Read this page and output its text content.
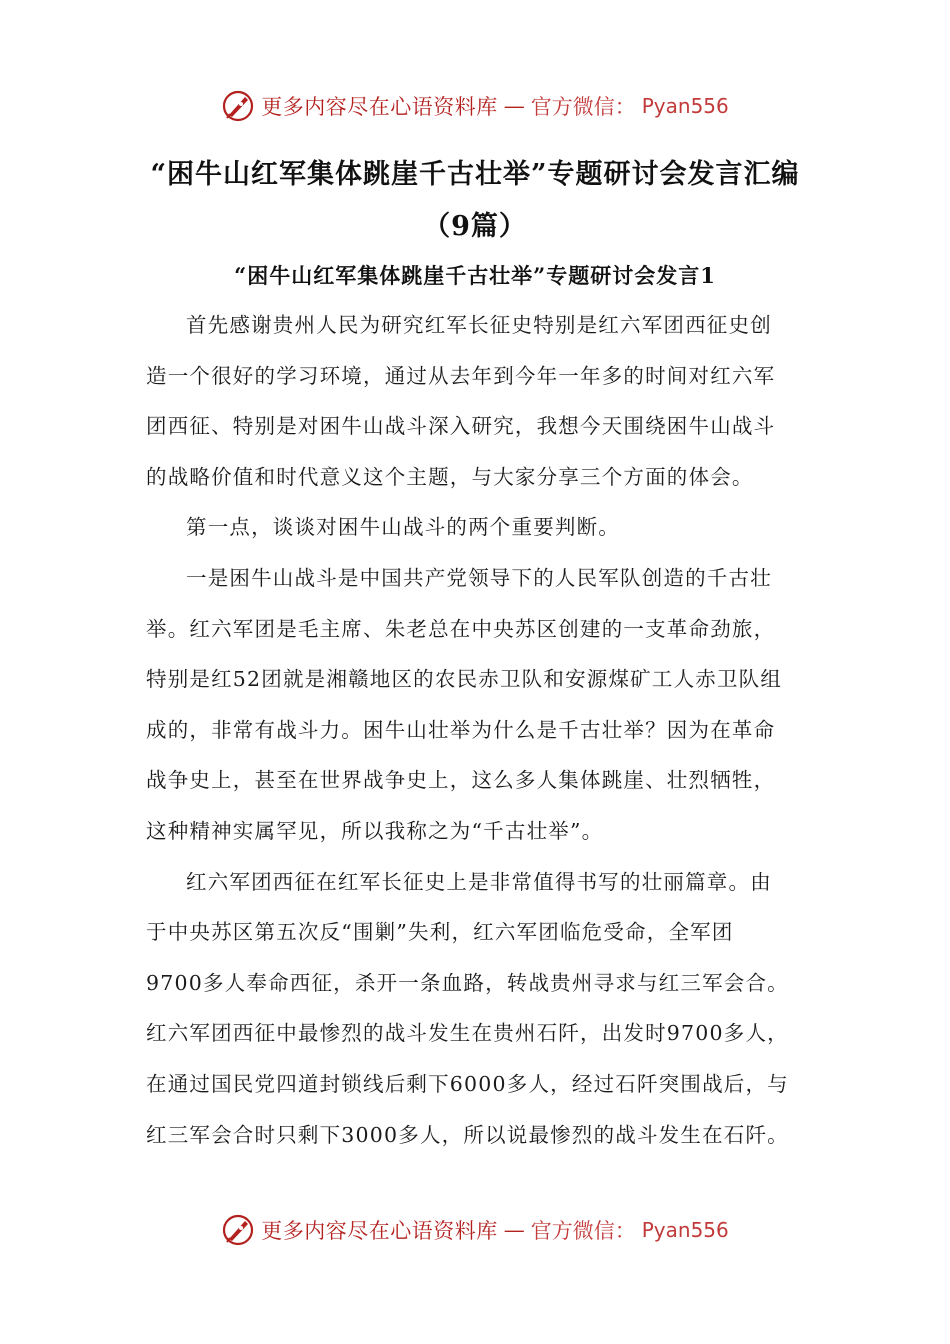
更多内容尽在心语资料库 — 官方微信： Pyan556
“困牛山红军集体跳崖千古壮举”专题研讨会发言汇编
（9篇）
“困牛山红军集体跳崖千古壮举”专题研讨会发言1
首先感谢贵州人民为研究红军长征史特别是红六军团西征史创
造一个很好的学习环境，通过从去年到今年一年多的时间对红六军
团西征、特别是对困牛山战斗深入研究，我想今天围绕困牛山战斗
的战略价值和时代意义这个主题，与大家分享三个方面的体会。
第一点，谈谈对困牛山战斗的两个重要判断。
一是困牛山战斗是中国共产党领导下的人民军队创造的千古壮
举。红六军团是毛主席、朱老总在中央苏区创建的一支革命劲旅，
特别是红52团就是湘赣地区的农民赤卫队和安源煤矿工人赤卫队组
成的，非常有战斗力。困牛山壮举为什么是千古壮举？因为在革命
战争史上，甚至在世界战争史上，这么多人集体跳崖、壮烈牺牲，
这种精神实属罕见，所以我称之为“千古壮举”。
红六军团西征在红军长征史上是非常值得书写的壮丽篇章。由
于中央苏区第五次反“围剿”失利，红六军团临危受命，全军团
9700多人奉命西征，杀开一条血路，转战贵州寻求与红三军会合。
红六军团西征中最惨烈的战斗发生在贵州石阡，出发时9700多人，
在通过国民党四道封锁线后剩下6000多人，经过石阡突围战后，与
红三军会合时只剩下3000多人，所以说最惨烈的战斗发生在石阡。
更多内容尽在心语资料库 — 官方微信： Pyan556
